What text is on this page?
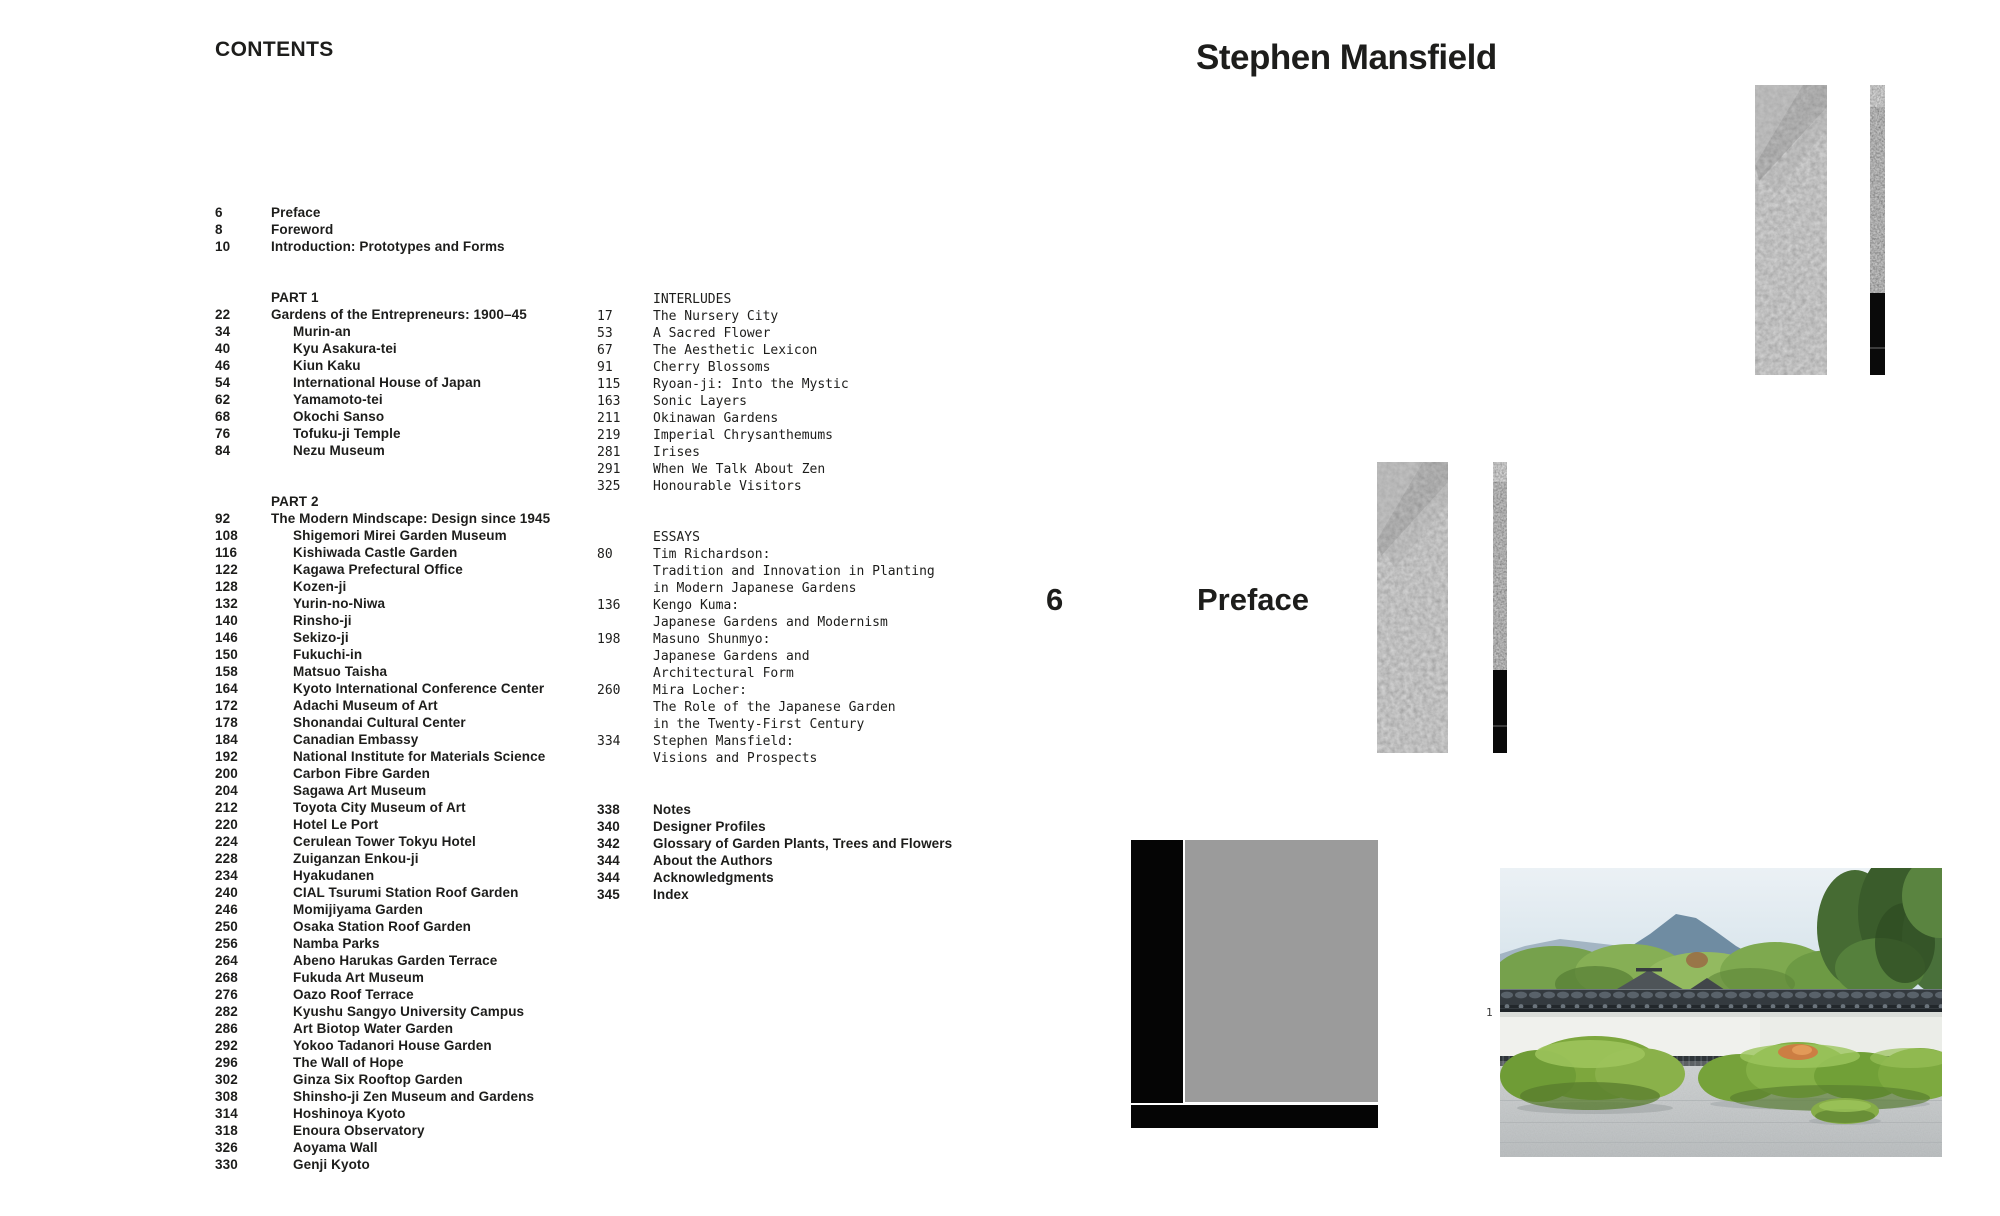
CONTENTS
6	Preface
8	Foreword
10	Introduction: Prototypes and Forms
PART 1
22	Gardens of the Entrepreneurs: 1900–45
34	Murin-an
40	Kyu Asakura-tei
46	Kiun Kaku
54	International House of Japan
62	Yamamoto-tei
68	Okochi Sanso
76	Tofuku-ji Temple
84	Nezu Museum
PART 2
92	The Modern Mindscape: Design since 1945
108	Shigemori Mirei Garden Museum
116	Kishiwada Castle Garden
122	Kagawa Prefectural Office
128	Kozen-ji
132	Yurin-no-Niwa
140	Rinsho-ji
146	Sekizo-ji
150	Fukuchi-in
158	Matsuo Taisha
164	Kyoto International Conference Center
172	Adachi Museum of Art
178	Shonandai Cultural Center
184	Canadian Embassy
192	National Institute for Materials Science
200	Carbon Fibre Garden
204	Sagawa Art Museum
212	Toyota City Museum of Art
220	Hotel Le Port
224	Cerulean Tower Tokyu Hotel
228	Zuiganzan Enkou-ji
234	Hyakudanen
240	CIAL Tsurumi Station Roof Garden
246	Momijiyama Garden
250	Osaka Station Roof Garden
256	Namba Parks
264	Abeno Harukas Garden Terrace
268	Fukuda Art Museum
276	Oazo Roof Terrace
282	Kyushu Sangyo University Campus
286	Art Biotop Water Garden
292	Yokoo Tadanori House Garden
296	The Wall of Hope
302	Ginza Six Rooftop Garden
308	Shinsho-ji Zen Museum and Gardens
314	Hoshinoya Kyoto
318	Enoura Observatory
326	Aoyama Wall
330	Genji Kyoto
INTERLUDES
17	The Nursery City
53	A Sacred Flower
67	The Aesthetic Lexicon
91	Cherry Blossoms
115	Ryoan-ji: Into the Mystic
163	Sonic Layers
211	Okinawan Gardens
219	Imperial Chrysanthemums
281	Irises
291	When We Talk About Zen
325	Honourable Visitors
ESSAYS
80	Tim Richardson:
Tradition and Innovation in Planting
in Modern Japanese Gardens
136	Kengo Kuma:
Japanese Gardens and Modernism
198	Masuno Shunmyo:
Japanese Gardens and
Architectural Form
260	Mira Locher:
The Role of the Japanese Garden
in the Twenty-First Century
334	Stephen Mansfield:
Visions and Prospects
338	Notes
340	Designer Profiles
342	Glossary of Garden Plants, Trees and Flowers
344	About the Authors
344	Acknowledgments
345	Index
Stephen Mansfield
6	Preface
1
